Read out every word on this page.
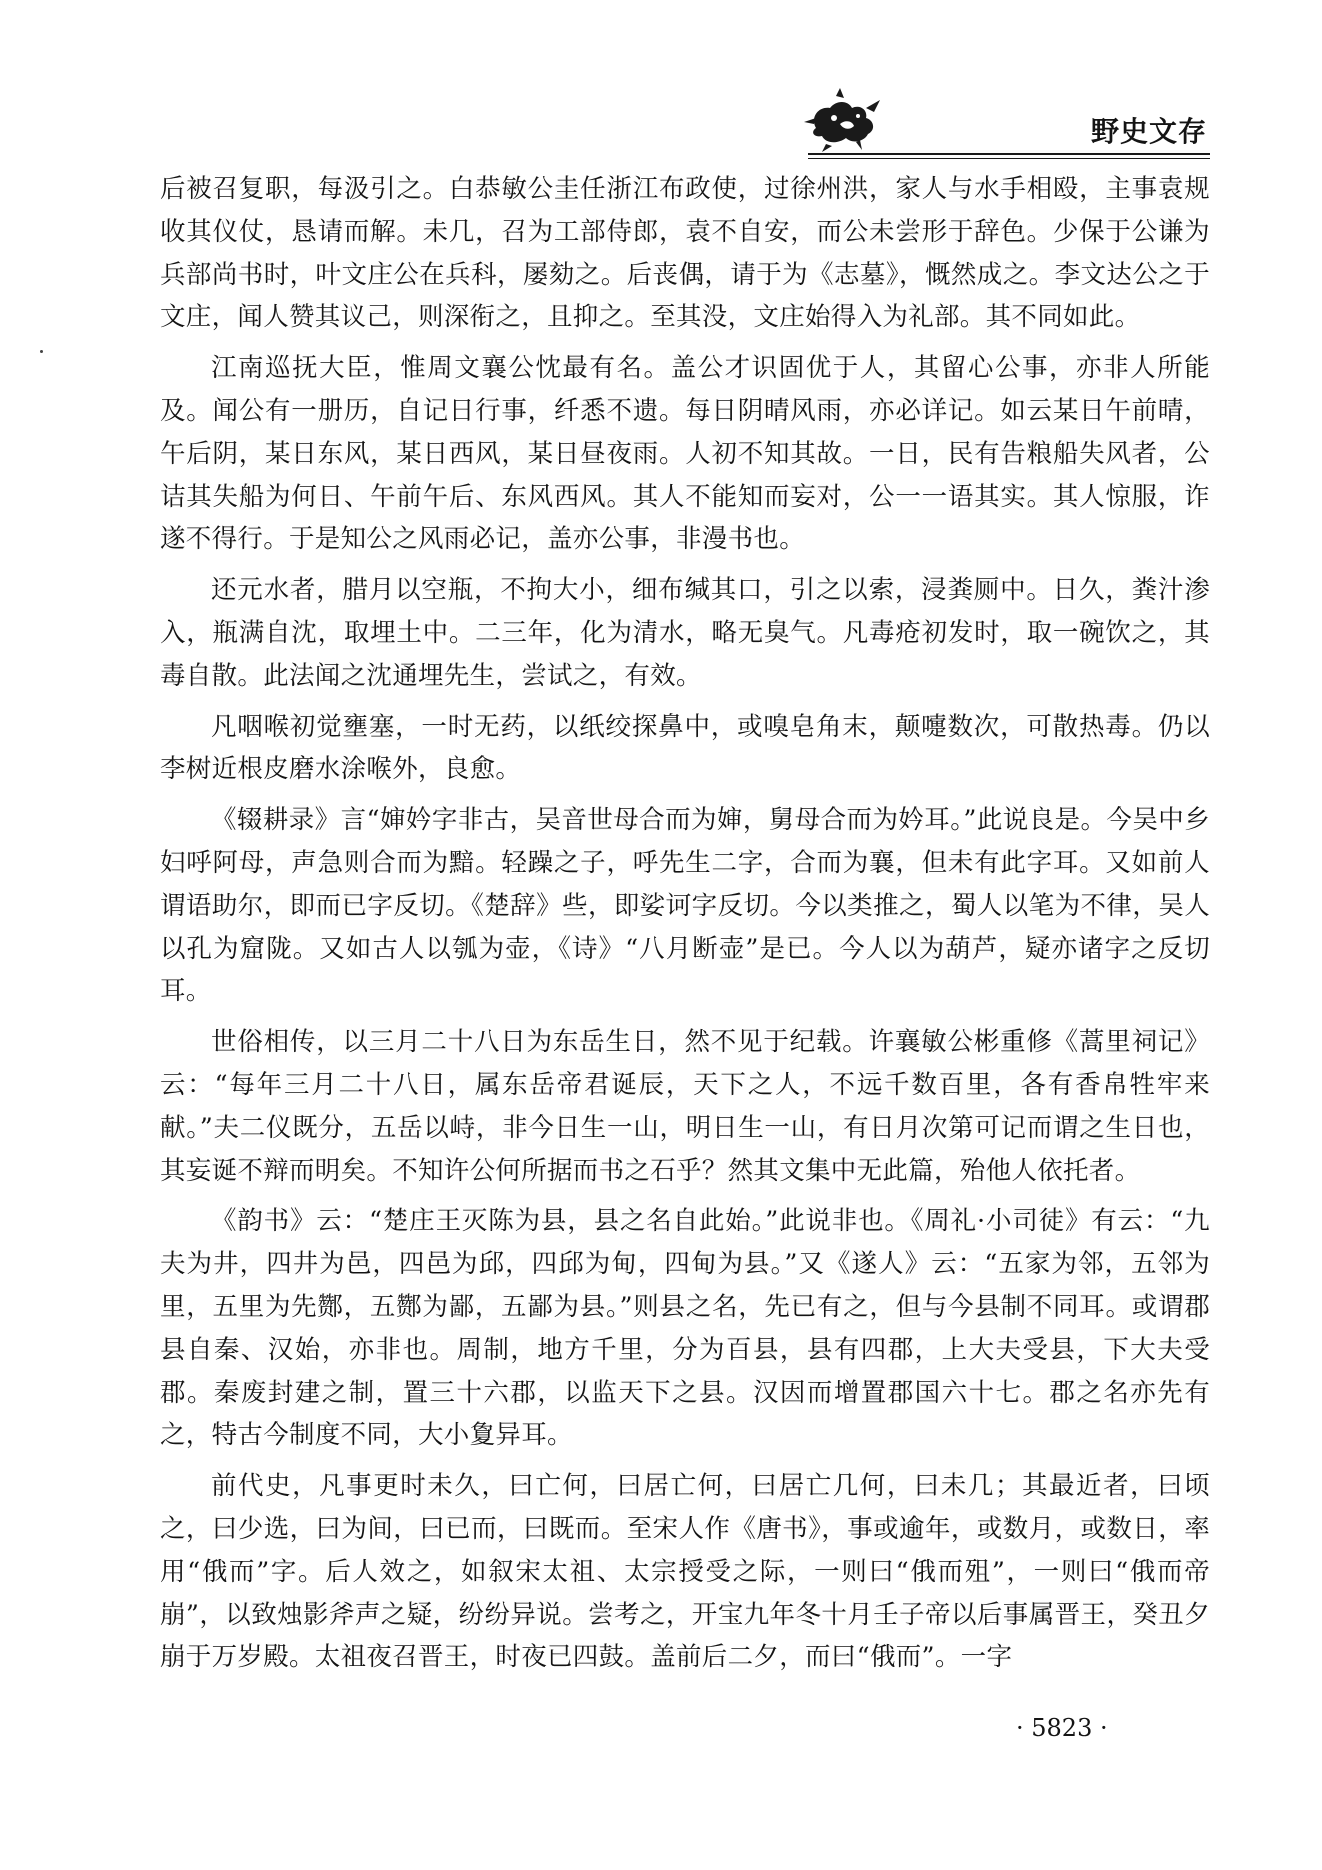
野史文存

后被召复职，每汲引之。白恭敏公圭任浙江布政使，过徐州洪，家人与水手相殴，主事袁规收其仪仗，恳请而解。未几，召为工部侍郎，袁不自安，而公未尝形于辞色。少保于公谦为兵部尚书时，叶文庄公在兵科，屡劾之。后丧偶，请于为《志墓》，慨然成之。李文达公之于文庄，闻人赞其议己，则深衔之，且抑之。至其没，文庄始得入为礼部。其不同如此。

江南巡抚大臣，惟周文襄公忱最有名。盖公才识固优于人，其留心公事，亦非人所能及。闻公有一册历，自记日行事，纤悉不遗。每日阴晴风雨，亦必详记。如云某日午前晴，午后阴，某日东风，某日西风，某日昼夜雨。人初不知其故。一日，民有告粮船失风者，公诘其失船为何日、午前午后、东风西风。其人不能知而妄对，公一一语其实。其人惊服，诈遂不得行。于是知公之风雨必记，盖亦公事，非漫书也。

还元水者，腊月以空瓶，不拘大小，细布缄其口，引之以索，浸粪厕中。日久，粪汁渗入，瓶满自沈，取埋土中。二三年，化为清水，略无臭气。凡毒疮初发时，取一碗饮之，其毒自散。此法闻之沈通埋先生，尝试之，有效。

凡咽喉初觉壅塞，一时无药，以纸绞探鼻中，或嗅皂角末，颠嚏数次，可散热毒。仍以李树近根皮磨水涂喉外，良愈。

《辍耕录》言“婶妗字非古，吴音世母合而为婶，舅母合而为妗耳。”此说良是。今吴中乡妇呼阿母，声急则合而为黯。轻躁之子，呼先生二字，合而为襄，但未有此字耳。又如前人谓语助尔，即而已字反切。《楚辞》些，即娑诃字反切。今以类推之，蜀人以笔为不律，吴人以孔为窟陇。又如古人以瓠为壶，《诗》“八月断壶”是已。今人以为葫芦，疑亦诸字之反切耳。

世俗相传，以三月二十八日为东岳生日，然不见于纪载。许襄敏公彬重修《蒿里祠记》云：“每年三月二十八日，属东岳帝君诞辰，天下之人，不远千数百里，各有香帛牲牢来献。”夫二仪既分，五岳以峙，非今日生一山，明日生一山，有日月次第可记而谓之生日也，其妄诞不辩而明矣。不知许公何所据而书之石乎？然其文集中无此篇，殆他人依托者。

《韵书》云：“楚庄王灭陈为县，县之名自此始。”此说非也。《周礼·小司徒》有云：“九夫为井，四井为邑，四邑为邱，四邱为甸，四甸为县。”又《遂人》云：“五家为邻，五邻为里，五里为先酂，五酂为鄙，五鄙为县。”则县之名，先已有之，但与今县制不同耳。或谓郡县自秦、汉始，亦非也。周制，地方千里，分为百县，县有四郡，上大夫受县，下大夫受郡。秦废封建之制，置三十六郡，以监天下之县。汉因而增置郡国六十七。郡之名亦先有之，特古今制度不同，大小夐异耳。

前代史，凡事更时未久，曰亡何，曰居亡何，曰居亡几何，曰未几；其最近者，曰顷之，曰少选，曰为间，曰已而，曰既而。至宋人作《唐书》，事或逾年，或数月，或数日，率用“俄而”字。后人效之，如叙宋太祖、太宗授受之际，一则曰“俄而殂”，一则曰“俄而帝崩”，以致烛影斧声之疑，纷纷异说。尝考之，开宝九年冬十月壬子帝以后事属晋王，癸丑夕崩于万岁殿。太祖夜召晋王，时夜已四鼓。盖前后二夕，而曰“俄而”。一字

· 5823 ·
